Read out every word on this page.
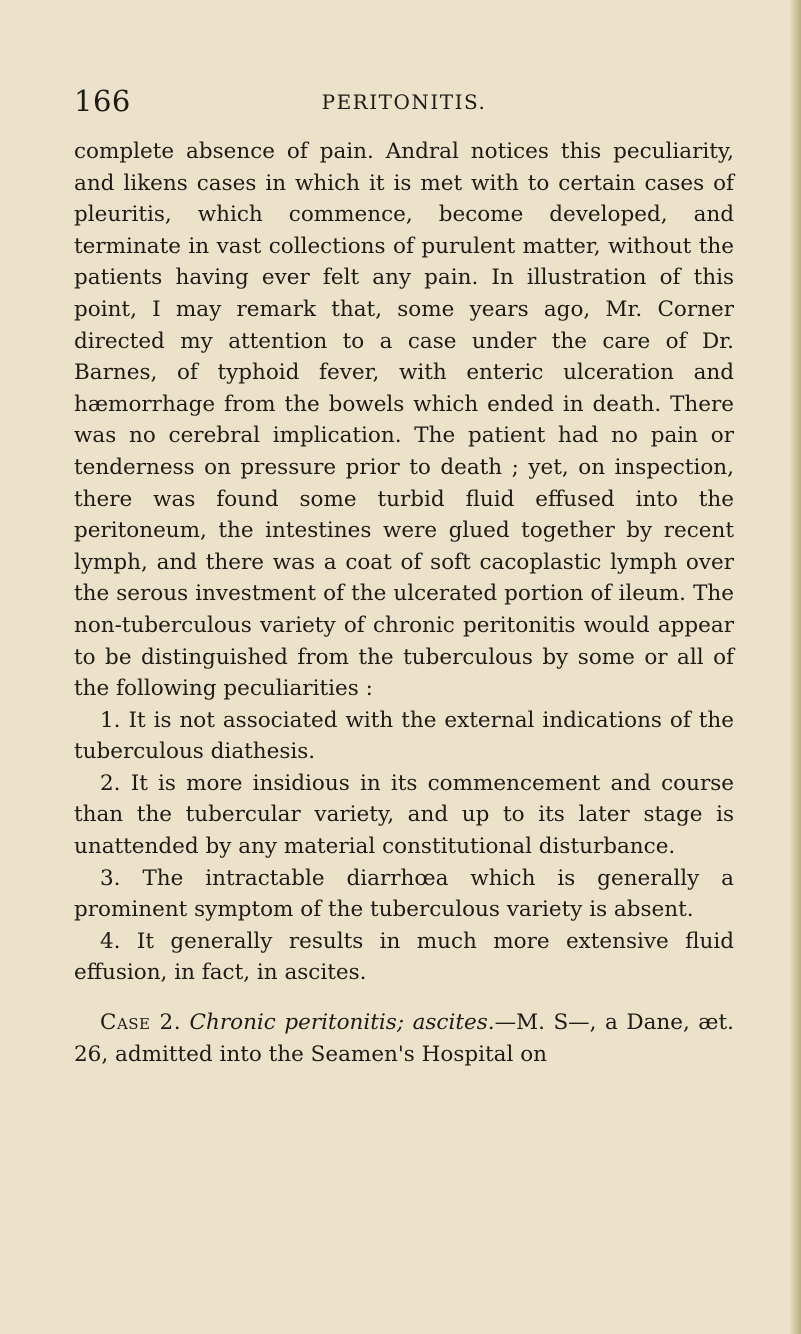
166	PERITONITIS.

complete absence of pain. Andral notices this peculiarity, and likens cases in which it is met with to certain cases of pleuritis, which commence, become developed, and terminate in vast collections of purulent matter, without the patients having ever felt any pain. In illustration of this point, I may remark that, some years ago, Mr. Corner directed my attention to a case under the care of Dr. Barnes, of typhoid fever, with enteric ulceration and hæmorrhage from the bowels which ended in death. There was no cerebral implication. The patient had no pain or tenderness on pressure prior to death ; yet, on inspection, there was found some turbid fluid effused into the peritoneum, the intestines were glued together by recent lymph, and there was a coat of soft cacoplastic lymph over the serous investment of the ulcerated portion of ileum. The non-tuberculous variety of chronic peritonitis would appear to be distinguished from the tuberculous by some or all of the following peculiarities :

1. It is not associated with the external indications of the tuberculous diathesis.

2. It is more insidious in its commencement and course than the tubercular variety, and up to its later stage is unattended by any material constitutional disturbance.

3. The intractable diarrhœa which is generally a prominent symptom of the tuberculous variety is absent.

4. It generally results in much more extensive fluid effusion, in fact, in ascites.

Case 2. Chronic peritonitis; ascites.—M. S—, a Dane, æt. 26, admitted into the Seamen's Hospital on
